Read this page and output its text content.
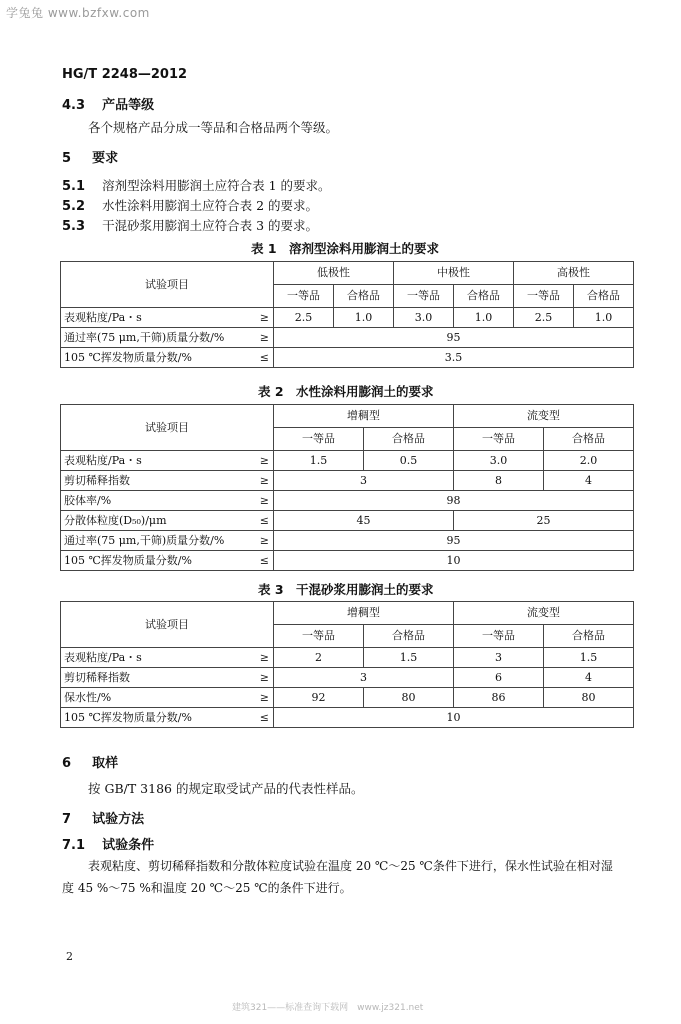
学兔兔 www.bzfxw.com
HG/T 2248—2012
4.3 产品等级
各个规格产品分成一等品和合格品两个等级。
5 要求
5.1 溶剂型涂料用膨润土应符合表 1 的要求。
5.2 水性涂料用膨润土应符合表 2 的要求。
5.3 干混砂浆用膨润土应符合表 3 的要求。
表 1　溶剂型涂料用膨润土的要求
试验项目	低极性		中极性		高极性	
	一等品	合格品	一等品	合格品	一等品	合格品
表观粘度/Pa・s ≥	2.5	1.0	3.0	1.0	2.5	1.0
通过率(75 μm,干筛)质量分数/% ≥	95					
105 ℃挥发物质量分数/% ≤	3.5					
表 2　水性涂料用膨润土的要求
试验项目	增稠型		流变型	
	一等品	合格品	一等品	合格品
表观粘度/Pa・s ≥	1.5	0.5	3.0	2.0
剪切稀释指数 ≥	3		8	4
胶体率/% ≥	98			
分散体粒度(D₅₀)/μm ≤	45		25	
通过率(75 μm,干筛)质量分数/% ≥	95			
105 ℃挥发物质量分数/% ≤	10			
表 3　干混砂浆用膨润土的要求
试验项目	增稠型		流变型	
	一等品	合格品	一等品	合格品
表观粘度/Pa・s ≥	2	1.5	3	1.5
剪切稀释指数 ≥	3		6	4
保水性/% ≥	92	80	86	80
105 ℃挥发物质量分数/% ≤	10			
6 取样
按 GB/T 3186 的规定取受试产品的代表性样品。
7 试验方法
7.1 试验条件
表观粘度、剪切稀释指数和分散体粒度试验在温度 20 ℃～25 ℃条件下进行，保水性试验在相对湿
度 45 %～75 %和温度 20 ℃～25 ℃的条件下进行。
2
建筑321——标准查询下载网　www.jz321.net
